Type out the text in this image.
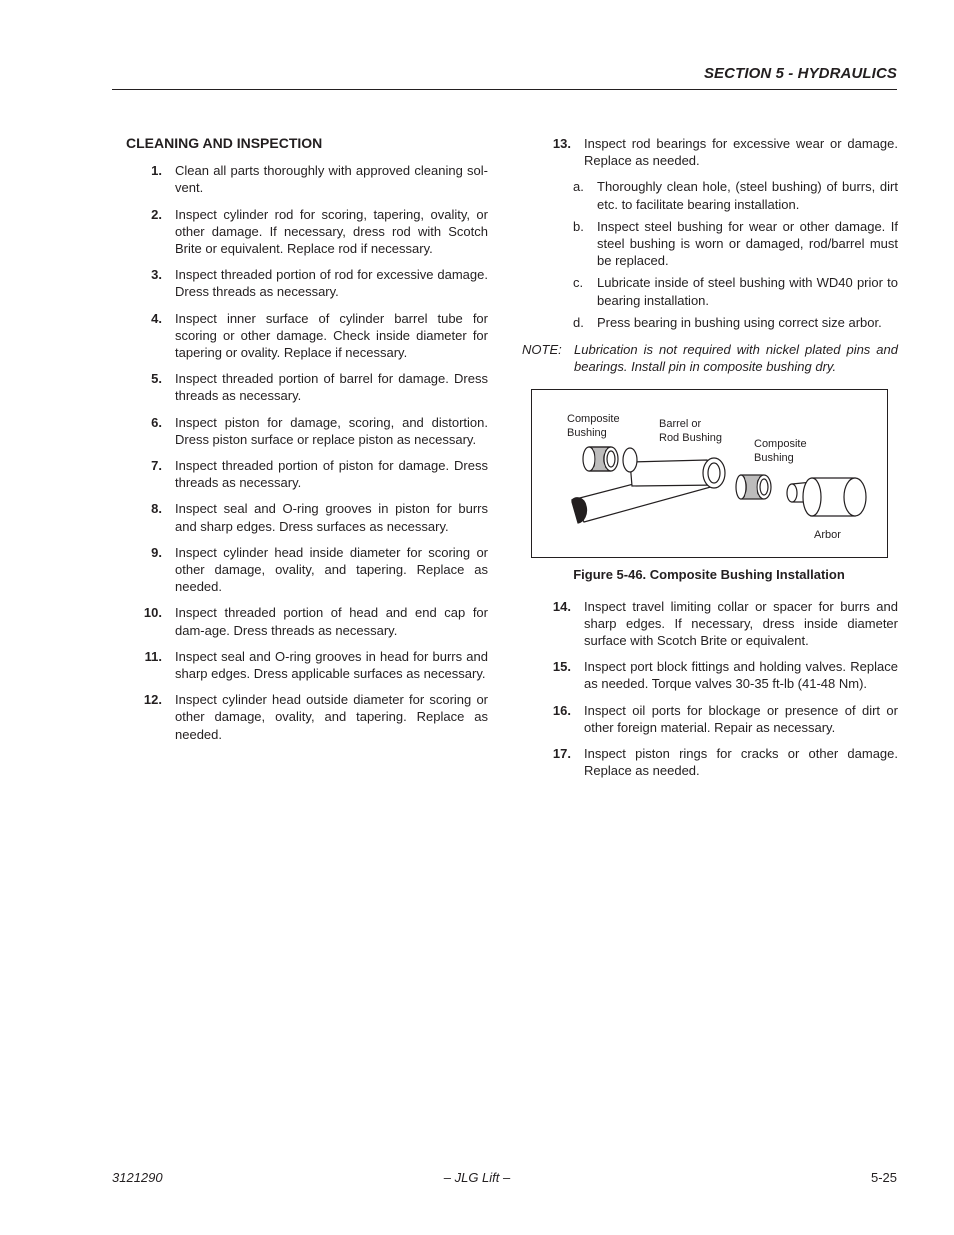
SECTION 5 - HYDRAULICS
CLEANING AND INSPECTION
1.	Clean all parts thoroughly with approved cleaning sol-vent.
2.	Inspect cylinder rod for scoring, tapering, ovality, or other damage. If necessary, dress rod with Scotch Brite or equivalent. Replace rod if necessary.
3.	Inspect threaded portion of rod for excessive damage. Dress threads as necessary.
4.	Inspect inner surface of cylinder barrel tube for scoring or other damage. Check inside diameter for tapering or ovality. Replace if necessary.
5.	Inspect threaded portion of barrel for damage. Dress threads as necessary.
6.	Inspect piston for damage, scoring, and distortion. Dress piston surface or replace piston as necessary.
7.	Inspect threaded portion of piston for damage. Dress threads as necessary.
8.	Inspect seal and O-ring grooves in piston for burrs and sharp edges. Dress surfaces as necessary.
9.	Inspect cylinder head inside diameter for scoring or other damage, ovality, and tapering. Replace as needed.
10.	Inspect threaded portion of head and end cap for dam-age. Dress threads as necessary.
11.	Inspect seal and O-ring grooves in head for burrs and sharp edges. Dress applicable surfaces as necessary.
12.	Inspect cylinder head outside diameter for scoring or other damage, ovality, and tapering. Replace as needed.
13.	Inspect rod bearings for excessive wear or damage. Replace as needed.
a.	Thoroughly clean hole, (steel bushing) of burrs, dirt etc. to facilitate bearing installation.
b.	Inspect steel bushing for wear or other damage. If steel bushing is worn or damaged, rod/barrel must be replaced.
c.	Lubricate inside of steel bushing with WD40 prior to bearing installation.
d.	Press bearing in bushing using correct size arbor.
NOTE: Lubrication is not required with nickel plated pins and bearings. Install pin in composite bushing dry.
Composite
Bushing
Barrel or
Rod Bushing	Composite
Bushing
Arbor
Figure 5-46. Composite Bushing Installation
14.	Inspect travel limiting collar or spacer for burrs and sharp edges. If necessary, dress inside diameter surface with Scotch Brite or equivalent.
15.	Inspect port block fittings and holding valves. Replace as needed. Torque valves 30-35 ft-lb (41-48 Nm).
16.	Inspect oil ports for blockage or presence of dirt or other foreign material. Repair as necessary.
17.	Inspect piston rings for cracks or other damage. Replace as needed.
3121290	– JLG Lift –	5-25
